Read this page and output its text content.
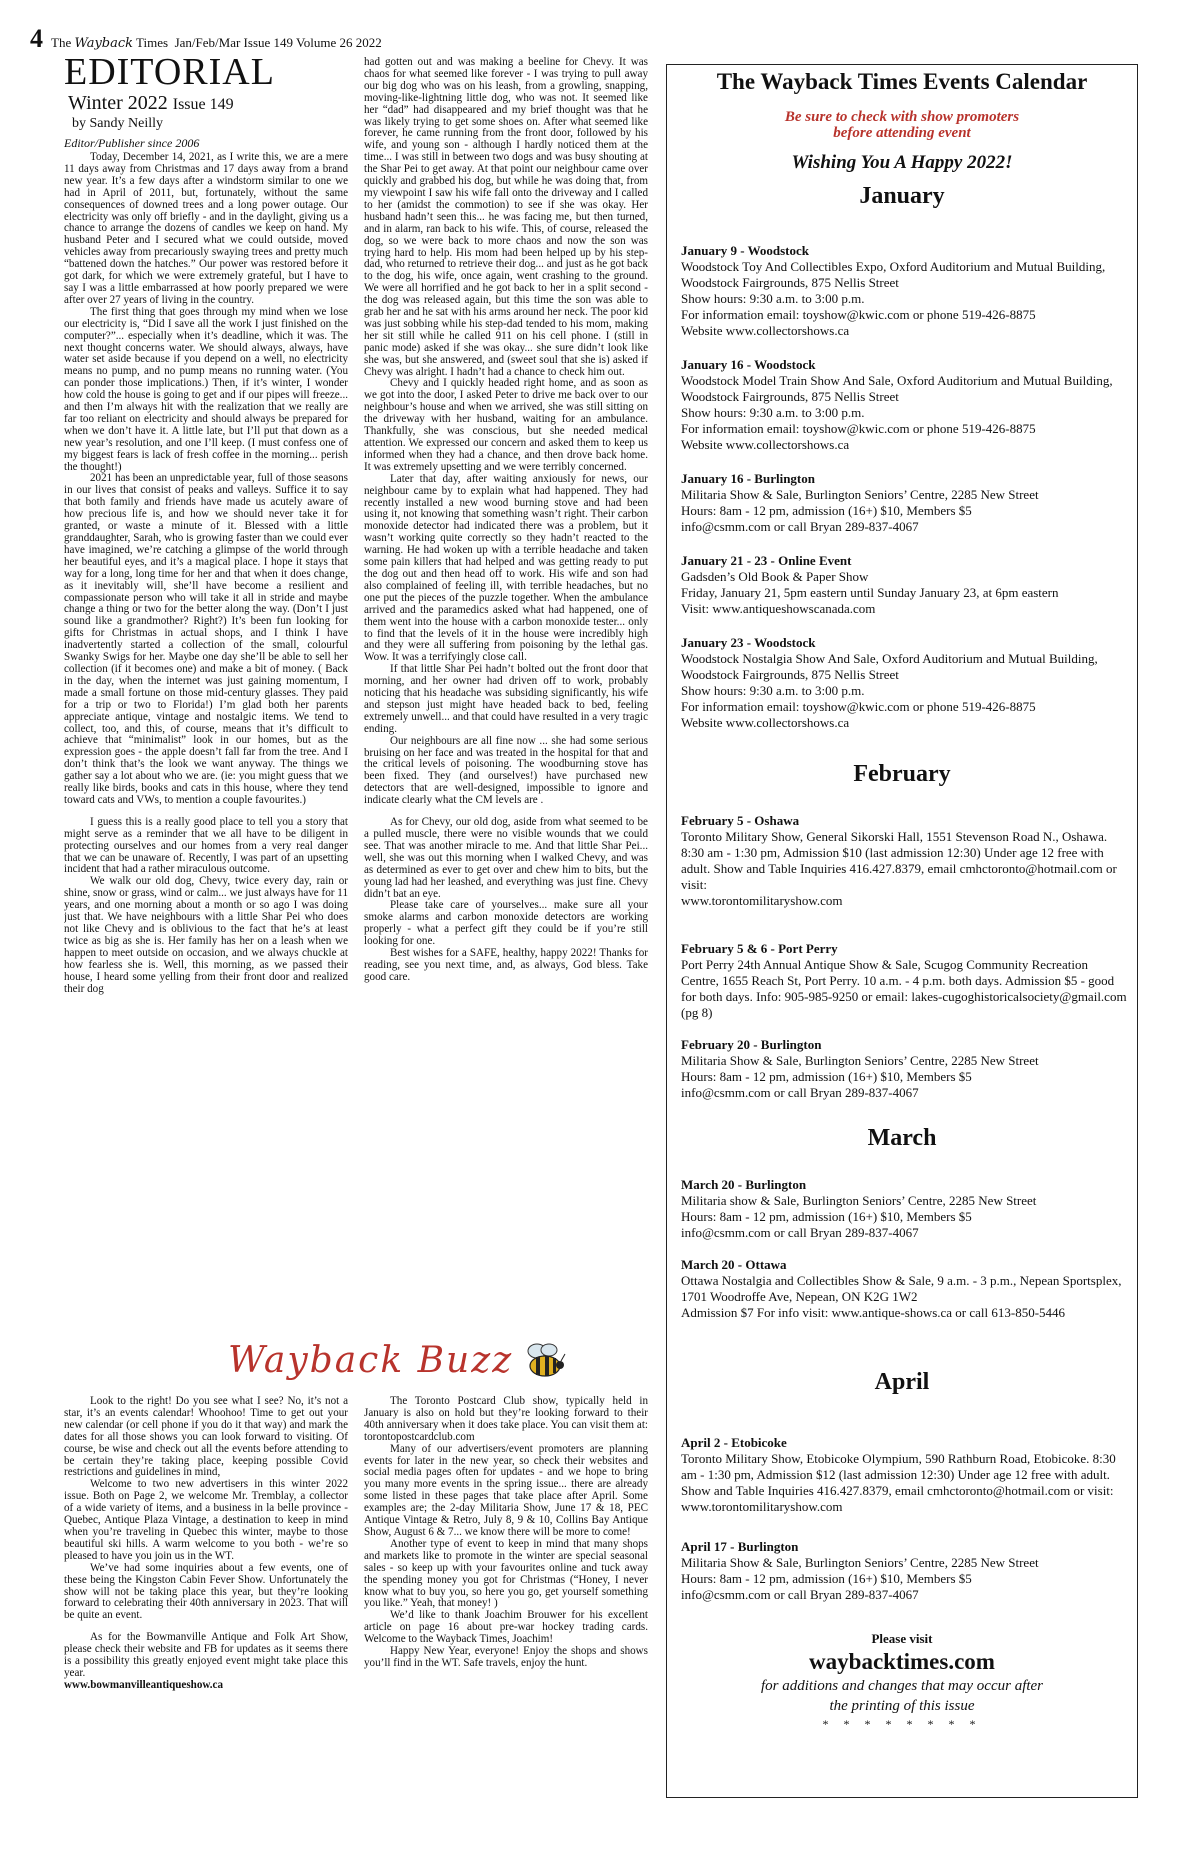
4 The Wayback Times Jan/Feb/Mar Issue 149 Volume 26 2022
EDITORIAL
Winter 2022 Issue 149
by Sandy Neilly
Editor/Publisher since 2006

Today, December 14, 2021, as I write this, we are a mere 11 days away from Christmas and 17 days away from a brand new year. It’s a few days after a windstorm similar to one we had in April of 2011, but, fortunately, without the same consequences of downed trees and a long power outage. Our electricity was only off briefly - and in the daylight, giving us a chance to arrange the dozens of candles we keep on hand. My husband Peter and I secured what we could outside, moved vehicles away from precariously swaying trees and pretty much “battened down the hatches.” Our power was restored before it got dark, for which we were extremely grateful, but I have to say I was a little embarrassed at how poorly prepared we were after over 27 years of living in the country.

The first thing that goes through my mind when we lose our electricity is, “Did I save all the work I just finished on the computer?”... especially when it’s deadline, which it was. The next thought concerns water. We should always, always, have water set aside because if you depend on a well, no electricity means no pump, and no pump means no running water. (You can ponder those implications.) Then, if it’s winter, I wonder how cold the house is going to get and if our pipes will freeze... and then I’m always hit with the realization that we really are far too reliant on electricity and should always be prepared for when we don’t have it. A little late, but I’ll put that down as a new year’s resolution, and one I’ll keep. (I must confess one of my biggest fears is lack of fresh coffee in the morning... perish the thought!)

2021 has been an unpredictable year, full of those seasons in our lives that consist of peaks and valleys. Suffice it to say that both family and friends have made us acutely aware of how precious life is, and how we should never take it for granted, or waste a minute of it. Blessed with a little granddaughter, Sarah, who is growing faster than we could ever have imagined, we’re catching a glimpse of the world through her beautiful eyes, and it’s a magical place. I hope it stays that way for a long, long time for her and that when it does change, as it inevitably will, she’ll have become a resilient and compassionate person who will take it all in stride and maybe change a thing or two for the better along the way. (Don’t I just sound like a grandmother? Right?) It’s been fun looking for gifts for Christmas in actual shops, and I think I have inadvertently started a collection of the small, colourful Swanky Swigs for her. Maybe one day she’ll be able to sell her collection (if it becomes one) and make a bit of money. ( Back in the day, when the internet was just gaining momentum, I made a small fortune on those mid-century glasses. They paid for a trip or two to Florida!) I’m glad both her parents appreciate antique, vintage and nostalgic items. We tend to collect, too, and this, of course, means that it’s difficult to achieve that “minimalist” look in our homes, but as the expression goes - the apple doesn’t fall far from the tree. And I don’t think that’s the look we want anyway. The things we gather say a lot about who we are. (ie: you might guess that we really like birds, books and cats in this house, where they tend toward cats and VWs, to mention a couple favourites.)

I guess this is a really good place to tell you a story that might serve as a reminder that we all have to be diligent in protecting ourselves and our homes from a very real danger that we can be unaware of. Recently, I was part of an upsetting incident that had a rather miraculous outcome.

We walk our old dog, Chevy, twice every day, rain or shine, snow or grass, wind or calm... we just always have for 11 years, and one morning about a month or so ago I was doing just that. We have neighbours with a little Shar Pei who does not like Chevy and is oblivious to the fact that he’s at least twice as big as she is. Her family has her on a leash when we happen to meet outside on occasion, and we always chuckle at how fearless she is. Well, this morning, as we passed their house, I heard some yelling from their front door and realized their dog

had gotten out and was making a beeline for Chevy. It was chaos for what seemed like forever - I was trying to pull away our big dog who was on his leash, from a growling, snapping, moving-like-lightning little dog, who was not. It seemed like her “dad” had disappeared and my brief thought was that he was likely trying to get some shoes on. After what seemed like forever, he came running from the front door, followed by his wife, and young son - although I hardly noticed them at the time... I was still in between two dogs and was busy shouting at the Shar Pei to get away. At that point our neighbour came over quickly and grabbed his dog, but while he was doing that, from my viewpoint I saw his wife fall onto the driveway and I called to her (amidst the commotion) to see if she was okay. Her husband hadn’t seen this... he was facing me, but then turned, and in alarm, ran back to his wife. This, of course, released the dog, so we were back to more chaos and now the son was trying hard to help. His mom had been helped up by his step-dad, who returned to retrieve their dog... and just as he got back to the dog, his wife, once again, went crashing to the ground. We were all horrified and he got back to her in a split second - the dog was released again, but this time the son was able to grab her and he sat with his arms around her neck. The poor kid was just sobbing while his step-dad tended to his mom, making her sit still while he called 911 on his cell phone. I (still in panic mode) asked if she was okay... she sure didn’t look like she was, but she answered, and (sweet soul that she is) asked if Chevy was alright. I hadn’t had a chance to check him out.

Chevy and I quickly headed right home, and as soon as we got into the door, I asked Peter to drive me back over to our neighbour’s house and when we arrived, she was still sitting on the driveway with her husband, waiting for an ambulance. Thankfully, she was conscious, but she needed medical attention. We expressed our concern and asked them to keep us informed when they had a chance, and then drove back home. It was extremely upsetting and we were terribly concerned.

Later that day, after waiting anxiously for news, our neighbour came by to explain what had happened. They had recently installed a new wood burning stove and had been using it, not knowing that something wasn’t right. Their carbon monoxide detector had indicated there was a problem, but it wasn’t working quite correctly so they hadn’t reacted to the warning. He had woken up with a terrible headache and taken some pain killers that had helped and was getting ready to put the dog out and then head off to work. His wife and son had also complained of feeling ill, with terrible headaches, but no one put the pieces of the puzzle together. When the ambulance arrived and the paramedics asked what had happened, one of them went into the house with a carbon monoxide tester... only to find that the levels of it in the house were incredibly high and they were all suffering from poisoning by the lethal gas. Wow. It was a terrifyingly close call.

If that little Shar Pei hadn’t bolted out the front door that morning, and her owner had driven off to work, probably noticing that his headache was subsiding significantly, his wife and stepson just might have headed back to bed, feeling extremely unwell... and that could have resulted in a very tragic ending.

Our neighbours are all fine now ... she had some serious bruising on her face and was treated in the hospital for that and the critical levels of poisoning. The woodburning stove has been fixed. They (and ourselves!) have purchased new detectors that are well-designed, impossible to ignore and indicate clearly what the CM levels are .

As for Chevy, our old dog, aside from what seemed to be a pulled muscle, there were no visible wounds that we could see. That was another miracle to me. And that little Shar Pei... well, she was out this morning when I walked Chevy, and was as determined as ever to get over and chew him to bits, but the young lad had her leashed, and everything was just fine. Chevy didn’t bat an eye.

Please take care of yourselves... make sure all your smoke alarms and carbon monoxide detectors are working properly - what a perfect gift they could be if you’re still looking for one.

Best wishes for a SAFE, healthy, happy 2022! Thanks for reading, see you next time, and, as always, God bless. Take good care.

Wayback Buzz

Look to the right! Do you see what I see? No, it’s not a star, it’s an events calendar! Whoohoo! Time to get out your new calendar (or cell phone if you do it that way) and mark the dates for all those shows you can look forward to visiting. Of course, be wise and check out all the events before attending to be certain they’re taking place, keeping possible Covid restrictions and guidelines in mind,

Welcome to two new advertisers in this winter 2022 issue. Both on Page 2, we welcome Mr. Tremblay, a collector of a wide variety of items, and a business in la belle province - Quebec, Antique Plaza Vintage, a destination to keep in mind when you’re traveling in Quebec this winter, maybe to those beautiful ski hills. A warm welcome to you both - we’re so pleased to have you join us in the WT.

We’ve had some inquiries about a few events, one of these being the Kingston Cabin Fever Show. Unfortunately the show will not be taking place this year, but they’re looking forward to celebrating their 40th anniversary in 2023. That will be quite an event.

As for the Bowmanville Antique and Folk Art Show, please check their website and FB for updates as it seems there is a possibility this greatly enjoyed event might take place this year.

www.bowmanvilleantiqueshow.ca

The Toronto Postcard Club show, typically held in January is also on hold but they’re looking forward to their 40th anniversary when it does take place. You can visit them at: torontopostcardclub.com

Many of our advertisers/event promoters are planning events for later in the new year, so check their websites and social media pages often for updates - and we hope to bring you many more events in the spring issue... there are already some listed in these pages that take place after April. Some examples are; the 2-day Militaria Show, June 17 & 18, PEC Antique Vintage & Retro, July 8, 9 & 10, Collins Bay Antique Show, August 6 & 7... we know there will be more to come!

Another type of event to keep in mind that many shops and markets like to promote in the winter are special seasonal sales - so keep up with your favourites online and tuck away the spending money you got for Christmas (“Honey, I never know what to buy you, so here you go, get yourself something you like.” Yeah, that money! )

We’d like to thank Joachim Brouwer for his excellent article on page 16 about pre-war hockey trading cards. Welcome to the Wayback Times, Joachim!

Happy New Year, everyone! Enjoy the shops and shows you’ll find in the WT. Safe travels, enjoy the hunt.

The Wayback Times Events Calendar
Be sure to check with show promoters
before attending event
Wishing You A Happy 2022!
January
January 9 - Woodstock
Woodstock Toy And Collectibles Expo, Oxford Auditorium and Mutual Building, Woodstock Fairgrounds, 875 Nellis Street
Show hours: 9:30 a.m. to 3:00 p.m.
For information email: toyshow@kwic.com or phone 519-426-8875
Website www.collectorshows.ca
January 16 - Woodstock
Woodstock Model Train Show And Sale, Oxford Auditorium and Mutual Building, Woodstock Fairgrounds, 875 Nellis Street
Show hours: 9:30 a.m. to 3:00 p.m.
For information email: toyshow@kwic.com or phone 519-426-8875
Website www.collectorshows.ca
January 16 - Burlington
Militaria Show & Sale, Burlington Seniors’ Centre, 2285 New Street
Hours: 8am - 12 pm, admission (16+) $10, Members $5
info@csmm.com or call Bryan 289-837-4067
January 21 - 23 - Online Event
Gadsden’s Old Book & Paper Show
Friday, January 21, 5pm eastern until Sunday January 23, at 6pm eastern
Visit: www.antiqueshowscanada.com
January 23 - Woodstock
Woodstock Nostalgia Show And Sale, Oxford Auditorium and Mutual Building, Woodstock Fairgrounds, 875 Nellis Street
Show hours: 9:30 a.m. to 3:00 p.m.
For information email: toyshow@kwic.com or phone 519-426-8875
Website www.collectorshows.ca
February
February 5 - Oshawa
Toronto Military Show, General Sikorski Hall, 1551 Stevenson Road N., Oshawa. 8:30 am - 1:30 pm, Admission $10 (last admission 12:30) Under age 12 free with adult. Show and Table Inquiries 416.427.8379, email cmhctoronto@hotmail.com or visit:
www.torontomilitaryshow.com
February 5 & 6 - Port Perry
Port Perry 24th Annual Antique Show & Sale, Scugog Community Recreation Centre, 1655 Reach St, Port Perry. 10 a.m. - 4 p.m. both days. Admission $5 - good for both days. Info: 905-985-9250 or email: lakes-cugoghistoricalsociety@gmail.com (pg 8)
February 20 - Burlington
Militaria Show & Sale, Burlington Seniors’ Centre, 2285 New Street
Hours: 8am - 12 pm, admission (16+) $10, Members $5
info@csmm.com or call Bryan 289-837-4067
March
March 20 - Burlington
Militaria show & Sale, Burlington Seniors’ Centre, 2285 New Street
Hours: 8am - 12 pm, admission (16+) $10, Members $5
info@csmm.com or call Bryan 289-837-4067
March 20 - Ottawa
Ottawa Nostalgia and Collectibles Show & Sale, 9 a.m. - 3 p.m., Nepean Sportsplex, 1701 Woodroffe Ave, Nepean, ON K2G 1W2
Admission $7 For info visit: www.antique-shows.ca or call 613-850-5446
April
April 2 - Etobicoke
Toronto Military Show, Etobicoke Olympium, 590 Rathburn Road, Etobicoke. 8:30 am - 1:30 pm, Admission $12 (last admission 12:30) Under age 12 free with adult. Show and Table Inquiries 416.427.8379, email cmhctoronto@hotmail.com or visit: www.torontomilitaryshow.com
April 17 - Burlington
Militaria Show & Sale, Burlington Seniors’ Centre, 2285 New Street
Hours: 8am - 12 pm, admission (16+) $10, Members $5
info@csmm.com or call Bryan 289-837-4067
Please visit
waybacktimes.com
for additions and changes that may occur after
the printing of this issue
* * * * * * * *
